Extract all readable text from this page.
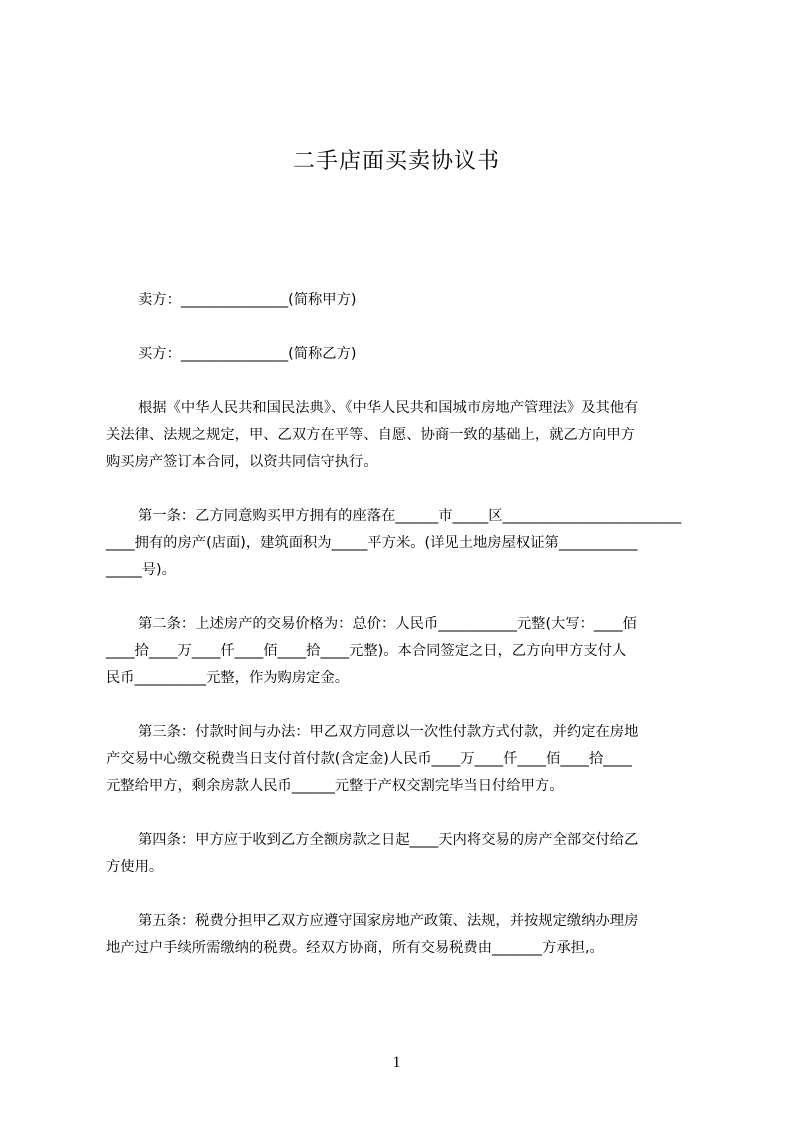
二手店面买卖协议书
卖方：_______________(简称甲方)
买方：_______________(简称乙方)
根据《中华人民共和国民法典》、《中华人民共和国城市房地产管理法》及其他有
关法律、法规之规定，甲、乙双方在平等、自愿、协商一致的基础上，就乙方向甲方
购买房产签订本合同，以资共同信守执行。
第一条：乙方同意购买甲方拥有的座落在______市_____区_________________________
____拥有的房产(店面)，建筑面积为_____平方米。(详见土地房屋权证第___________
_____号)。
第二条：上述房产的交易价格为：总价：人民币___________元整(大写：____佰
____拾____万____仟____佰____拾____元整)。本合同签定之日，乙方向甲方支付人
民币__________元整，作为购房定金。
第三条：付款时间与办法：甲乙双方同意以一次性付款方式付款，并约定在房地
产交易中心缴交税费当日支付首付款(含定金)人民币____万____仟____佰____拾____
元整给甲方，剩余房款人民币______元整于产权交割完毕当日付给甲方。
第四条：甲方应于收到乙方全额房款之日起____天内将交易的房产全部交付给乙
方使用。
第五条：税费分担甲乙双方应遵守国家房地产政策、法规，并按规定缴纳办理房
地产过户手续所需缴纳的税费。经双方协商，所有交易税费由_______方承担,。
1
